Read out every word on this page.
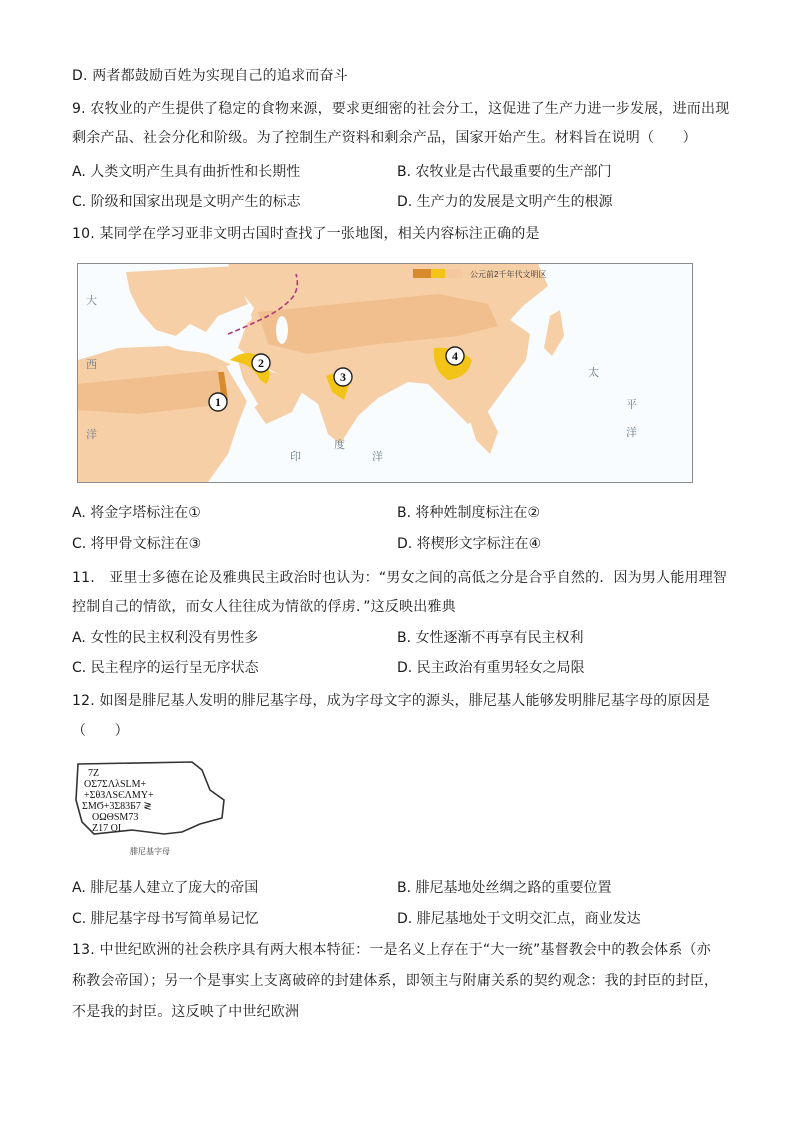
D. 两者都鼓励百姓为实现自己的追求而奋斗
9. 农牧业的产生提供了稳定的食物来源，要求更细密的社会分工，这促进了生产力进一步发展，进而出现
剩余产品、社会分化和阶级。为了控制生产资料和剩余产品，国家开始产生。材料旨在说明（　　）
A. 人类文明产生具有曲折性和长期性	B. 农牧业是古代最重要的生产部门
C. 阶级和国家出现是文明产生的标志	D. 生产力的发展是文明产生的根源
10. 某同学在学习亚非文明古国时查找了一张地图，相关内容标注正确的是
公元前2千年代文明区
大
西
洋
印
度
洋
太
平
洋
1
2
3
4
A. 将金字塔标注在①	B. 将种姓制度标注在②
C. 将甲骨文标注在③	D. 将楔形文字标注在④
11.　亚里士多德在论及雅典民主政治时也认为：“男女之间的高低之分是合乎自然的．因为男人能用理智
控制自己的情欲，而女人往往成为情欲的俘虏．”这反映出雅典
A. 女性的民主权利没有男性多	B. 女性逐渐不再享有民主权利
C. 民主程序的运行呈无序状态	D. 民主政治有重男轻女之局限
12. 如图是腓尼基人发明的腓尼基字母，成为字母文字的源头，腓尼基人能够发明腓尼基字母的原因是
（　　）
7Z
OΣ7ΣΛλSLΜ+
+ΣθЗΛЅЄΛΜΥ+
ΣΜϬ+3Σ83Б7 ≷
ΟΩΘЅΜ73
Ζ17 ΟΙ
腓尼基字母
A. 腓尼基人建立了庞大的帝国	B. 腓尼基地处丝绸之路的重要位置
C. 腓尼基字母书写简单易记忆	D. 腓尼基地处于文明交汇点，商业发达
13. 中世纪欧洲的社会秩序具有两大根本特征：一是名义上存在于“大一统”基督教会中的教会体系（亦
称教会帝国）；另一个是事实上支离破碎的封建体系，即领主与附庸关系的契约观念：我的封臣的封臣，
不是我的封臣。这反映了中世纪欧洲
